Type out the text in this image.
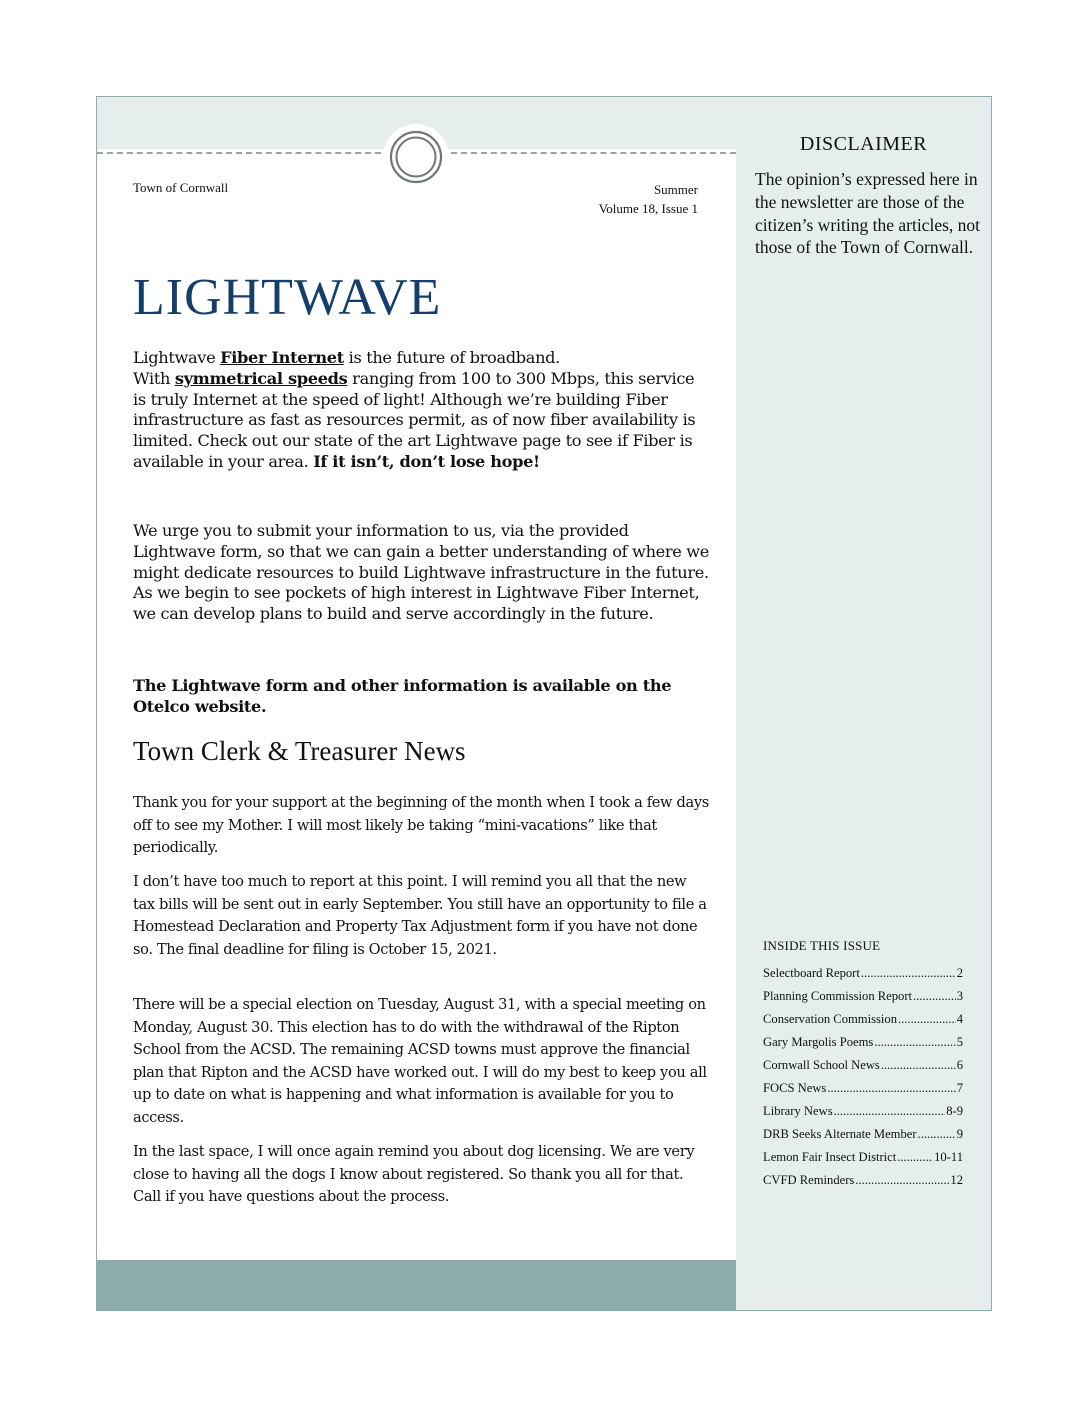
Town of Cornwall	Summer
Volume 18, Issue 1
LIGHTWAVE

Lightwave Fiber Internet is the future of broadband.
With symmetrical speeds ranging from 100 to 300 Mbps, this service is truly Internet at the speed of light! Although we’re building Fiber infrastructure as fast as resources permit, as of now fiber availability is limited. Check out our state of the art Lightwave page to see if Fiber is available in your area. If it isn’t, don’t lose hope!

We urge you to submit your information to us, via the provided Lightwave form, so that we can gain a better understanding of where we might dedicate resources to build Lightwave infrastructure in the future. As we begin to see pockets of high interest in Lightwave Fiber Internet, we can develop plans to build and serve accordingly in the future.

The Lightwave form and other information is available on the Otelco website.

Town Clerk & Treasurer News

Thank you for your support at the beginning of the month when I took a few days off to see my Mother. I will most likely be taking “mini-vacations” like that periodically.

I don’t have too much to report at this point. I will remind you all that the new tax bills will be sent out in early September. You still have an opportunity to file a Homestead Declaration and Property Tax Adjustment form if you have not done so. The final deadline for filing is October 15, 2021.

There will be a special election on Tuesday, August 31, with a special meeting on Monday, August 30. This election has to do with the withdrawal of the Ripton School from the ACSD. The remaining ACSD towns must approve the financial plan that Ripton and the ACSD have worked out. I will do my best to keep you all up to date on what is happening and what information is available for you to access.

In the last space, I will once again remind you about dog licensing. We are very close to having all the dogs I know about registered. So thank you all for that. Call if you have questions about the process.

DISCLAIMER
The opinion’s expressed here in the newsletter are those of the citizen’s writing the articles, not those of the Town of Cornwall.
INSIDE THIS ISSUE
Selectboard Report .....	2
Planning Commission Report .....	3
Conservation Commission .....	4
Gary Margolis Poems .....	5
Cornwall School News .....	6
FOCS News .....	7
Library News .....	8-9
DRB Seeks Alternate Member .....	9
Lemon Fair Insect District .....	10-11
CVFD Reminders .....	12
